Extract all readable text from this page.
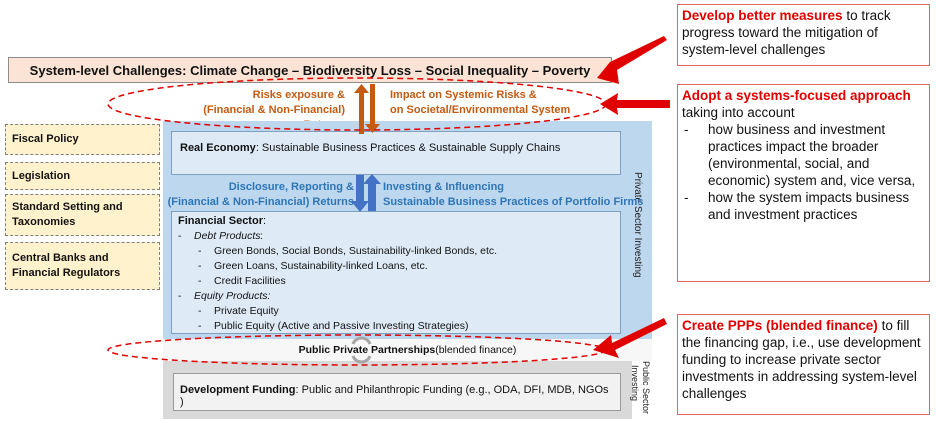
System-level Challenges: Climate Change – Biodiversity Loss – Social Inequality – Poverty
Risks exposure &
(Financial & Non-Financial)
Impact on Systemic Risks &
on Societal/Environmental System
Private Sector Investing
Real Economy: Sustainable Business Practices & Sustainable Supply Chains
Disclosure, Reporting &
(Financial & Non-Financial) Returns
Investing & Influencing
Sustainable Business Practices of Portfolio Firms
Financial Sector:
- Debt Products :
- Green Bonds, Social Bonds, Sustainability-linked Bonds, etc.
- Green Loans, Sustainability-linked Loans, etc.
- Credit Facilities
- Equity Products:
- Private Equity
- Public Equity (Active and Passive Investing Strategies)
Public Private Partnerships (blended finance)
Development Funding: Public and Philanthropic Funding (e.g., ODA, DFI, MDB, NGOs )	Public Sector
Investing
Fiscal Policy
Legislation
Standard Setting and Taxonomies
Central Banks and Financial Regulators
Develop better measures to track progress toward the mitigation of system-level challenges
Adopt a systems-focused approach
taking into account
- how business and investment practices impact the broader (environmental, social, and economic) system and, vice versa,
- how the system impacts business and investment practices
Create PPPs (blended finance) to fill the financing gap, i.e., use development funding to increase private sector investments in addressing system-level challenges
